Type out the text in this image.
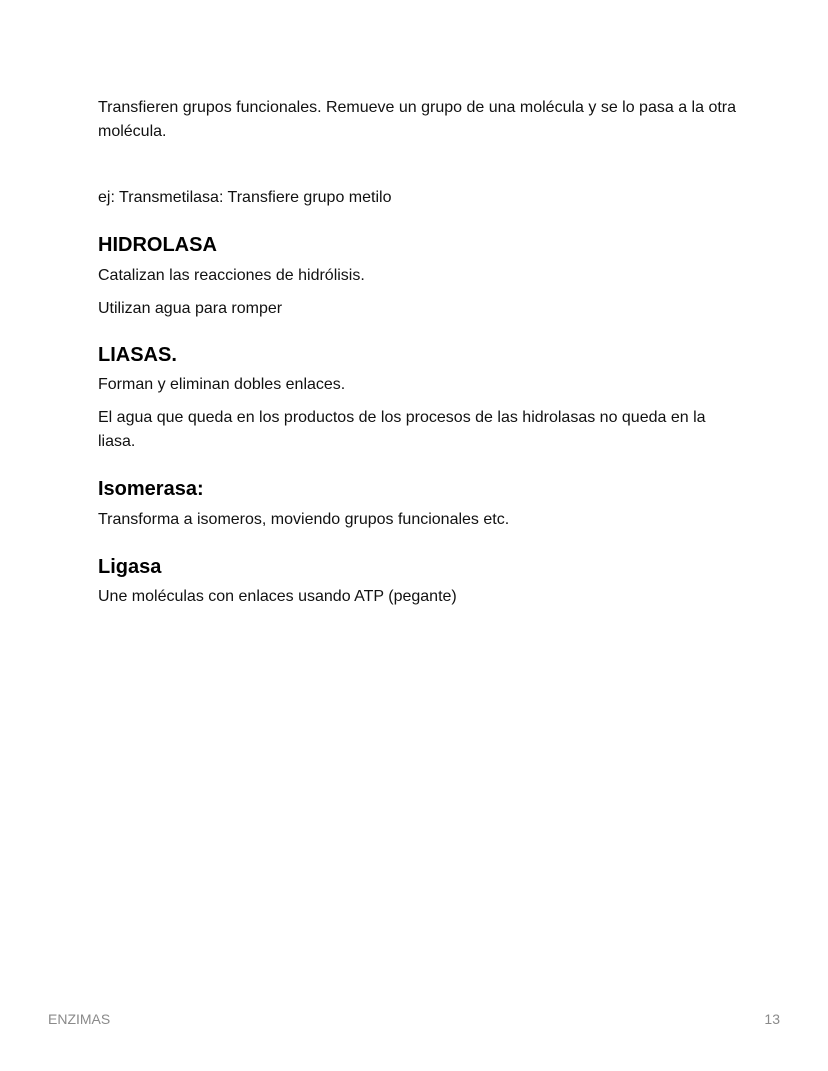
Transfieren grupos funcionales. Remueve un grupo de una molécula y se lo pasa a la otra molécula.

ej: Transmetilasa: Transfiere grupo metilo

HIDROLASA

Catalizan las reacciones de hidrólisis.

Utilizan agua para romper

LIASAS.

Forman y eliminan dobles enlaces.

El agua que queda en los productos de los procesos de las hidrolasas no queda en la liasa.

Isomerasa:

Transforma a isomeros, moviendo grupos funcionales etc.

Ligasa

Une moléculas con enlaces usando ATP (pegante)

ENZIMAS	13
